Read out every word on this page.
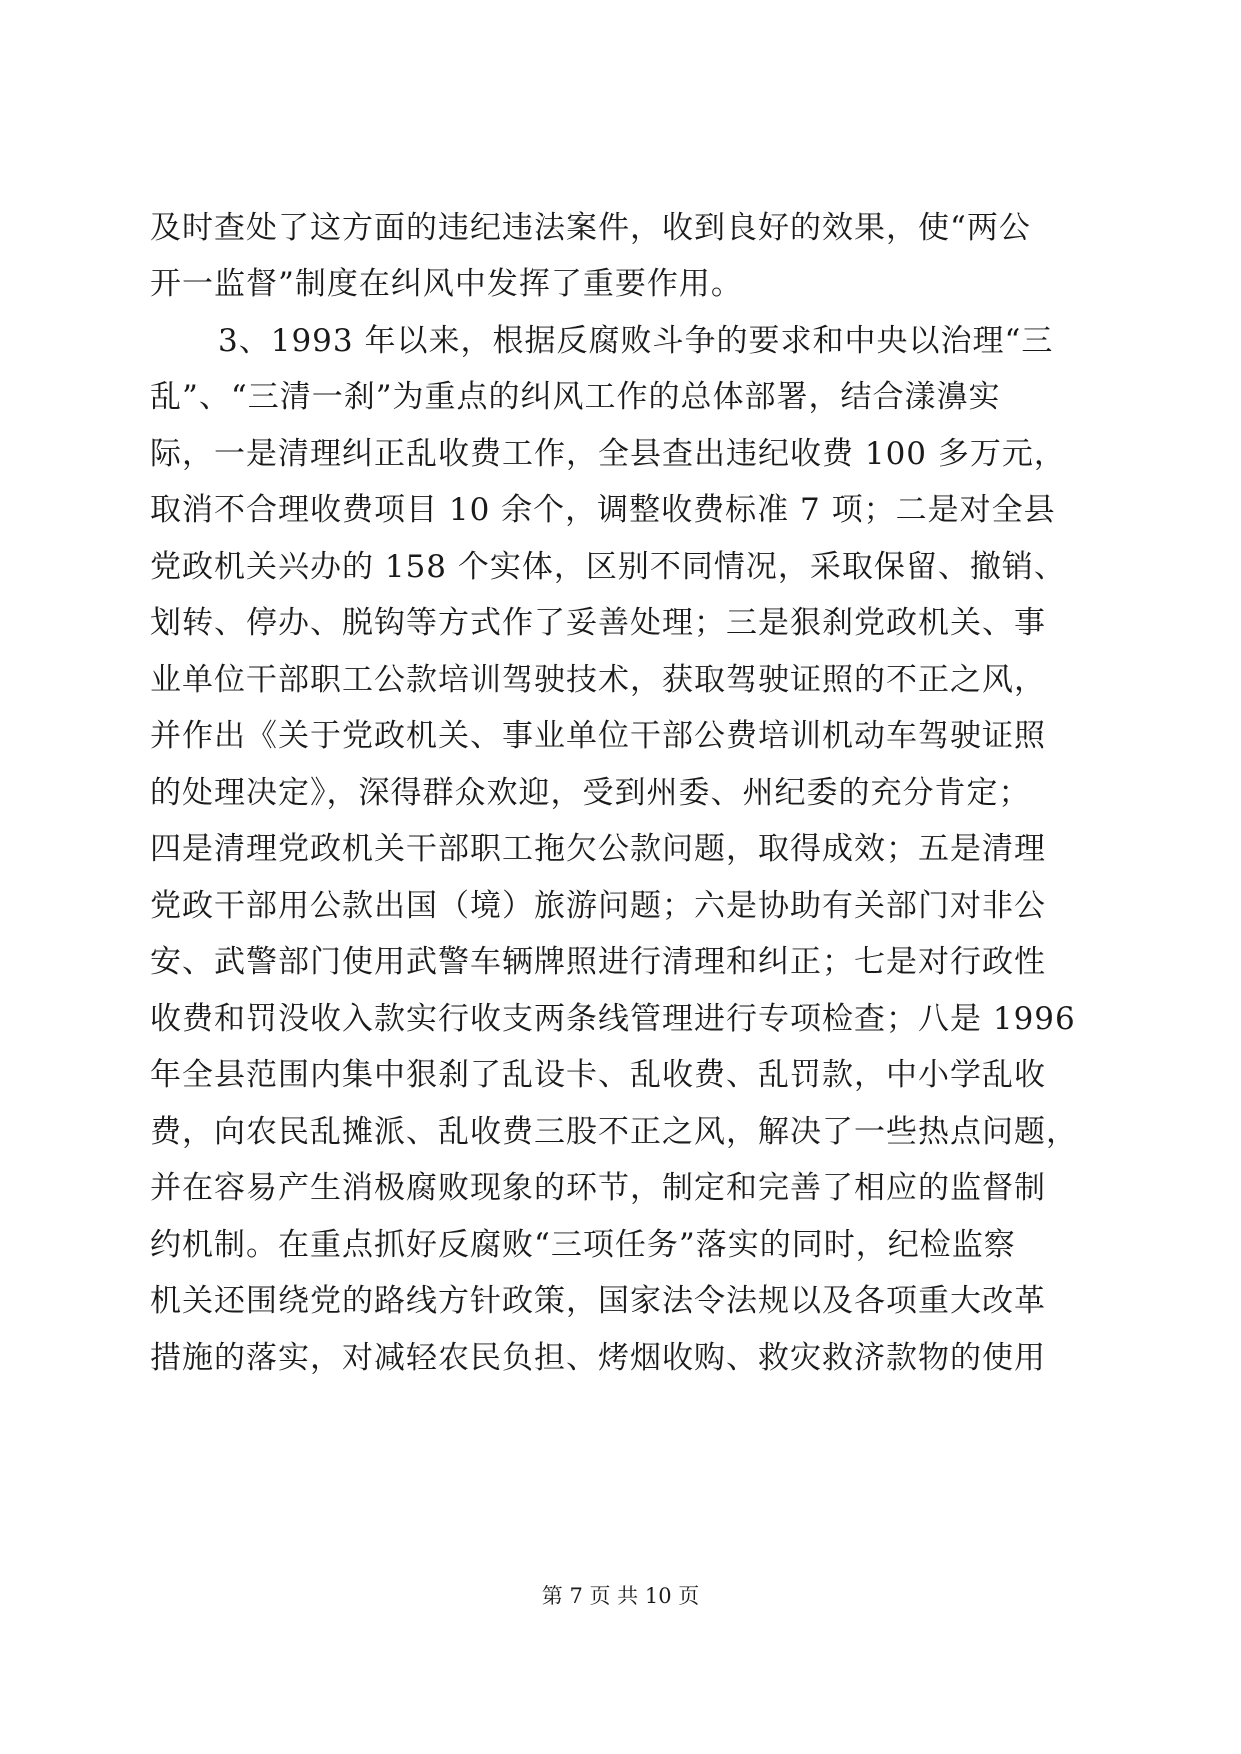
及时查处了这方面的违纪违法案件，收到良好的效果，使“两公
开一监督”制度在纠风中发挥了重要作用。
3、1993 年以来，根据反腐败斗争的要求和中央以治理“三
乱”、“三清一刹”为重点的纠风工作的总体部署，结合漾濞实
际，一是清理纠正乱收费工作，全县查出违纪收费 100 多万元，
取消不合理收费项目 10 余个，调整收费标准 7 项；二是对全县
党政机关兴办的 158 个实体，区别不同情况，采取保留、撤销、
划转、停办、脱钩等方式作了妥善处理；三是狠刹党政机关、事
业单位干部职工公款培训驾驶技术，获取驾驶证照的不正之风，
并作出《关于党政机关、事业单位干部公费培训机动车驾驶证照
的处理决定》，深得群众欢迎，受到州委、州纪委的充分肯定；
四是清理党政机关干部职工拖欠公款问题，取得成效；五是清理
党政干部用公款出国（境）旅游问题；六是协助有关部门对非公
安、武警部门使用武警车辆牌照进行清理和纠正；七是对行政性
收费和罚没收入款实行收支两条线管理进行专项检查；八是 1996
年全县范围内集中狠刹了乱设卡、乱收费、乱罚款，中小学乱收
费，向农民乱摊派、乱收费三股不正之风，解决了一些热点问题，
并在容易产生消极腐败现象的环节，制定和完善了相应的监督制
约机制。在重点抓好反腐败“三项任务”落实的同时，纪检监察
机关还围绕党的路线方针政策，国家法令法规以及各项重大改革
措施的落实，对减轻农民负担、烤烟收购、救灾救济款物的使用
第 7 页 共 10 页
